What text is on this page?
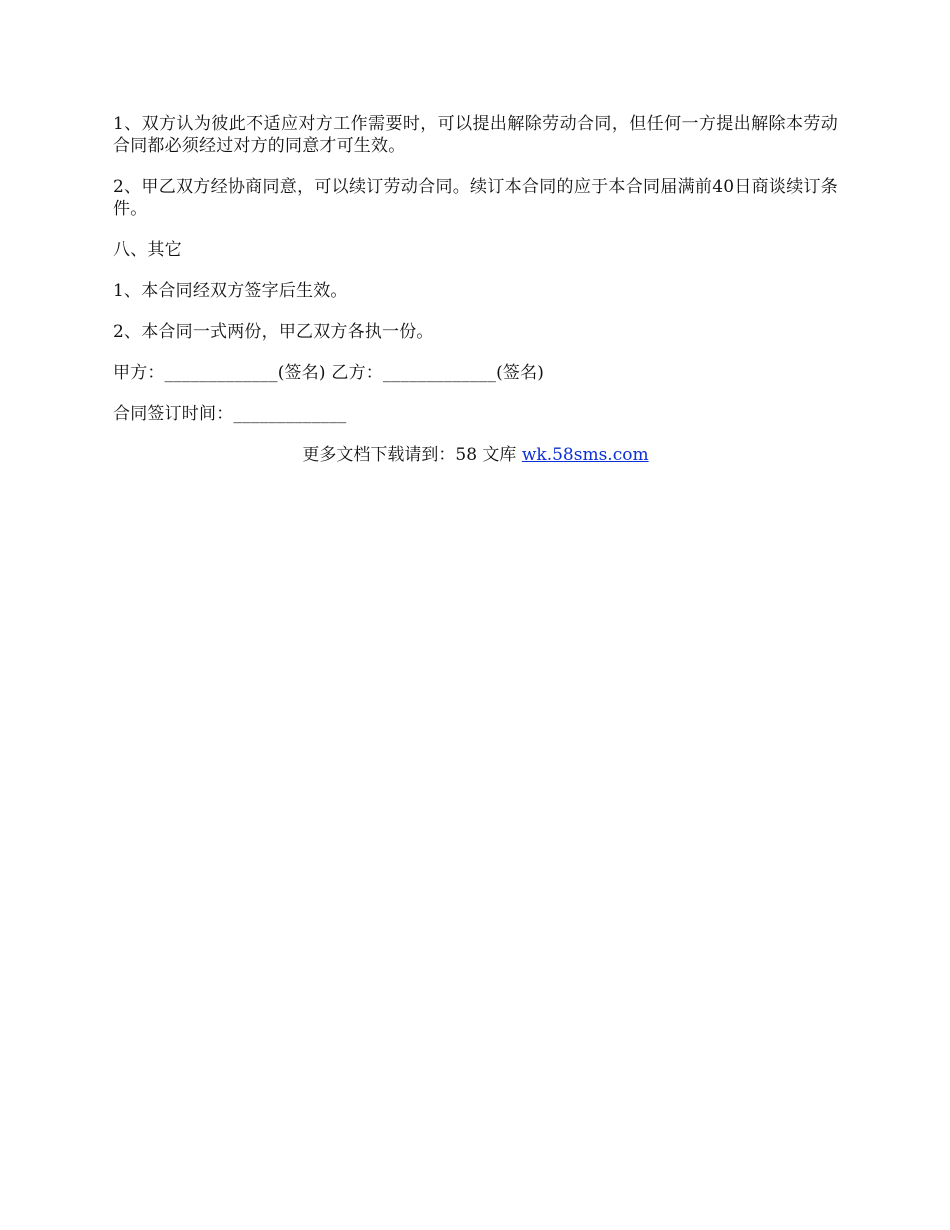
1、双方认为彼此不适应对方工作需要时，可以提出解除劳动合同，但任何一方提出解除本劳动合同都必须经过对方的同意才可生效。

2、甲乙双方经协商同意，可以续订劳动合同。续订本合同的应于本合同届满前40日商谈续订条件。

八、其它

1、本合同经双方签字后生效。

2、本合同一式两份，甲乙双方各执一份。

甲方：_____________(签名) 乙方：_____________(签名)

合同签订时间：_____________

更多文档下载请到：58 文库 wk.58sms.com
